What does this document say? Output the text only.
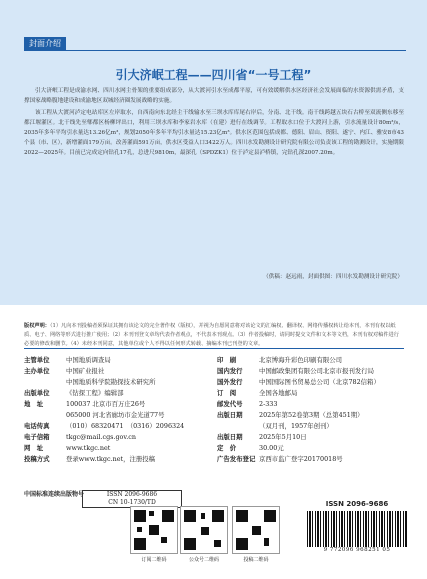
封面介绍
引大济岷工程——四川省“一号工程”

引大济岷工程是成渝水网、四川水网主骨架的重要组成部分，从大渡河引水至成都平原，可有效缓解供水区经济社会发展面临的水资源供需矛盾，支撑国家战略腹地建设和成渝地区双城经济圈发展战略的实施。

该工程从大渡河泸定电站库区左岸取水，自西南向东北经主干线输水至三坝水库库尾右岸后，分南、北干线。南干线跨越五块石古桥至双流侧东移至都江堰灌区。北干线先至郫都区杨柳坪出口，利用三坝水库和李家岩水库（在建）进行在线调节。工程取水口位于大渡河上游，引水流量设计80m³/s，2035年多年平均引水量达13.26亿m³，规划2050年多年平均引水量达15.23亿m³。供水区范围包括成都、德阳、眉山、资阳、遂宁、内江、雅安8市43个县（市、区），新增灌面179万亩。改善灌面591万亩，供水区受益人口3422万人。四川水发勘测设计研究院有限公司负责该工程的勘测设计，实施期限2022—2025年。目前已完成定向钻孔17孔，总进尺9810m，最深孔（SPDZK1）位于泸定县泸桥镇，完钻孔深2007.20m。

（供稿：赵远雨，封面供图：四川水发勘测设计研究院）
版权声明：（1）凡向本刊投稿者须保证其拥有该论文的完全著作权（版权），并视为自愿同意将对该论文的汇编权、翻译权、网络传播权转让给本刊，本刊有权以纸质、电子、网络等形式进行推广使用；（2）本刊刊登文章均代表作者观点，不代表本刊观点。（3）作者投稿时，请同时提交文件和文本等文档，本刊有权对稿件进行必要的修改和删节。（4）未经本刊同意，其他单位或个人不得以任何形式转载、摘编本刊已刊登的文章。
主管单位	中国地质调查局
主办单位	中国矿业报社
中国地质科学院勘探技术研究所
出版单位	《钻探工程》编辑部
地　址	100037 北京市百万庄26号
065000 河北省廊坊市金光道77号
电话传真	（010）68320471　（0316）2096324
电子信箱	tkgc@mail.cgs.gov.cn
网　址	www.tkgc.net
投稿方式	登录www.tkgc.net，注册投稿
印　刷	北京博海升彩色印刷有限公司
国内发行	中国邮政集团有限公司北京市报刊发行局
国外发行	中国国际图书贸易总公司（北京782信箱）
订　阅	全国各地邮局
邮发代号	2-333
出版日期	2025年第52卷第3期（总第451期）
（双月刊，1957年创刊）
出版日期	2025年5月10日
定　价	30.00元
广告发布登记 京西市监广登字20170018号
中国标准连续出版物号	ISSN 2096-9686
CN 10-1730/TD
订阅二维码	公众号二维码	投稿二维码
ISSN 2096-9686
9 772096 968251 05
